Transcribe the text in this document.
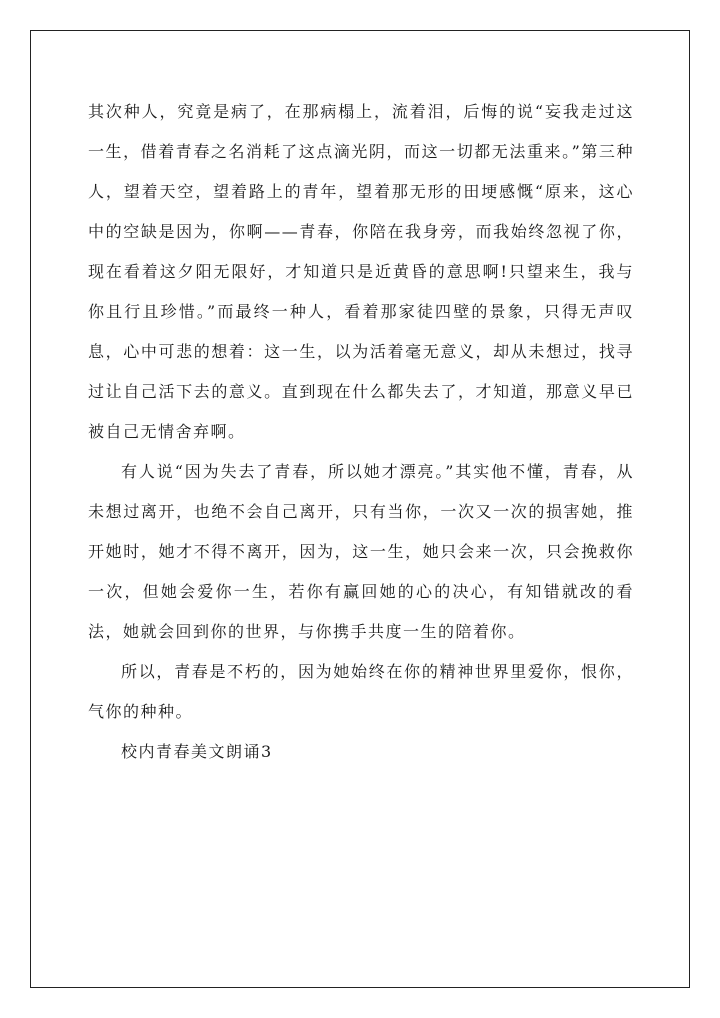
其次种人，究竟是病了，在那病榻上，流着泪，后悔的说“妄我走过这一生，借着青春之名消耗了这点滴光阴，而这一切都无法重来。”第三种人，望着天空，望着路上的青年，望着那无形的田埂感慨“原来，这心中的空缺是因为，你啊——青春，你陪在我身旁，而我始终忽视了你，现在看着这夕阳无限好，才知道只是近黄昏的意思啊!只望来生，我与你且行且珍惜。”而最终一种人，看着那家徒四壁的景象，只得无声叹息，心中可悲的想着：这一生，以为活着毫无意义，却从未想过，找寻过让自己活下去的意义。直到现在什么都失去了，才知道，那意义早已被自己无情舍弃啊。

有人说“因为失去了青春，所以她才漂亮。”其实他不懂，青春，从未想过离开，也绝不会自己离开，只有当你，一次又一次的损害她，推开她时，她才不得不离开，因为，这一生，她只会来一次，只会挽救你一次，但她会爱你一生，若你有赢回她的心的决心，有知错就改的看法，她就会回到你的世界，与你携手共度一生的陪着你。

所以，青春是不朽的，因为她始终在你的精神世界里爱你，恨你，气你的种种。

校内青春美文朗诵3
